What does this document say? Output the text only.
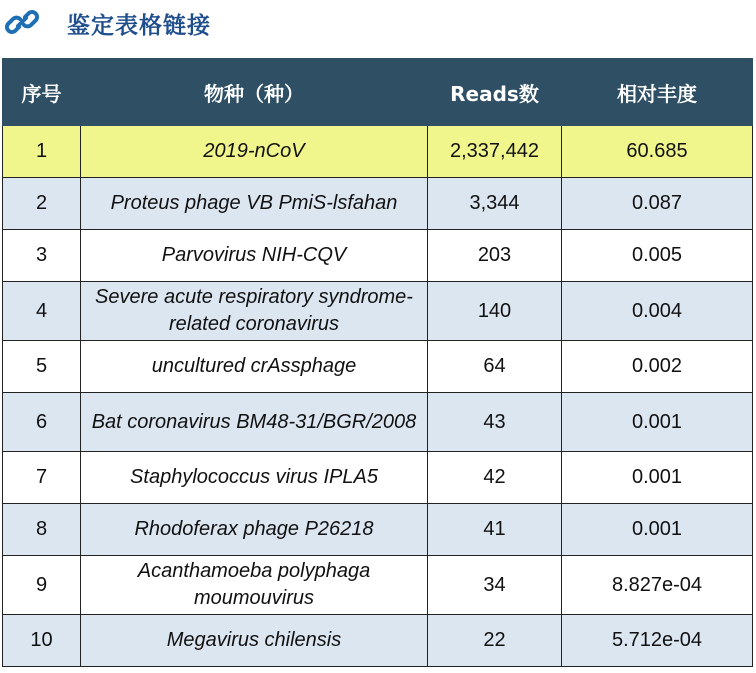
鉴定表格链接
序号	物种（种）	Reads数	相对丰度
1	2019-nCoV	2,337,442	60.685
2	Proteus phage VB PmiS-lsfahan	3,344	0.087
3	Parvovirus NIH-CQV	203	0.005
4	Severe acute respiratory syndrome-related coronavirus	140	0.004
5	uncultured crAssphage	64	0.002
6	Bat coronavirus BM48-31/BGR/2008	43	0.001
7	Staphylococcus virus IPLA5	42	0.001
8	Rhodoferax phage P26218	41	0.001
9	Acanthamoeba polyphaga moumouvirus	34	8.827e-04
10	Megavirus chilensis	22	5.712e-04
